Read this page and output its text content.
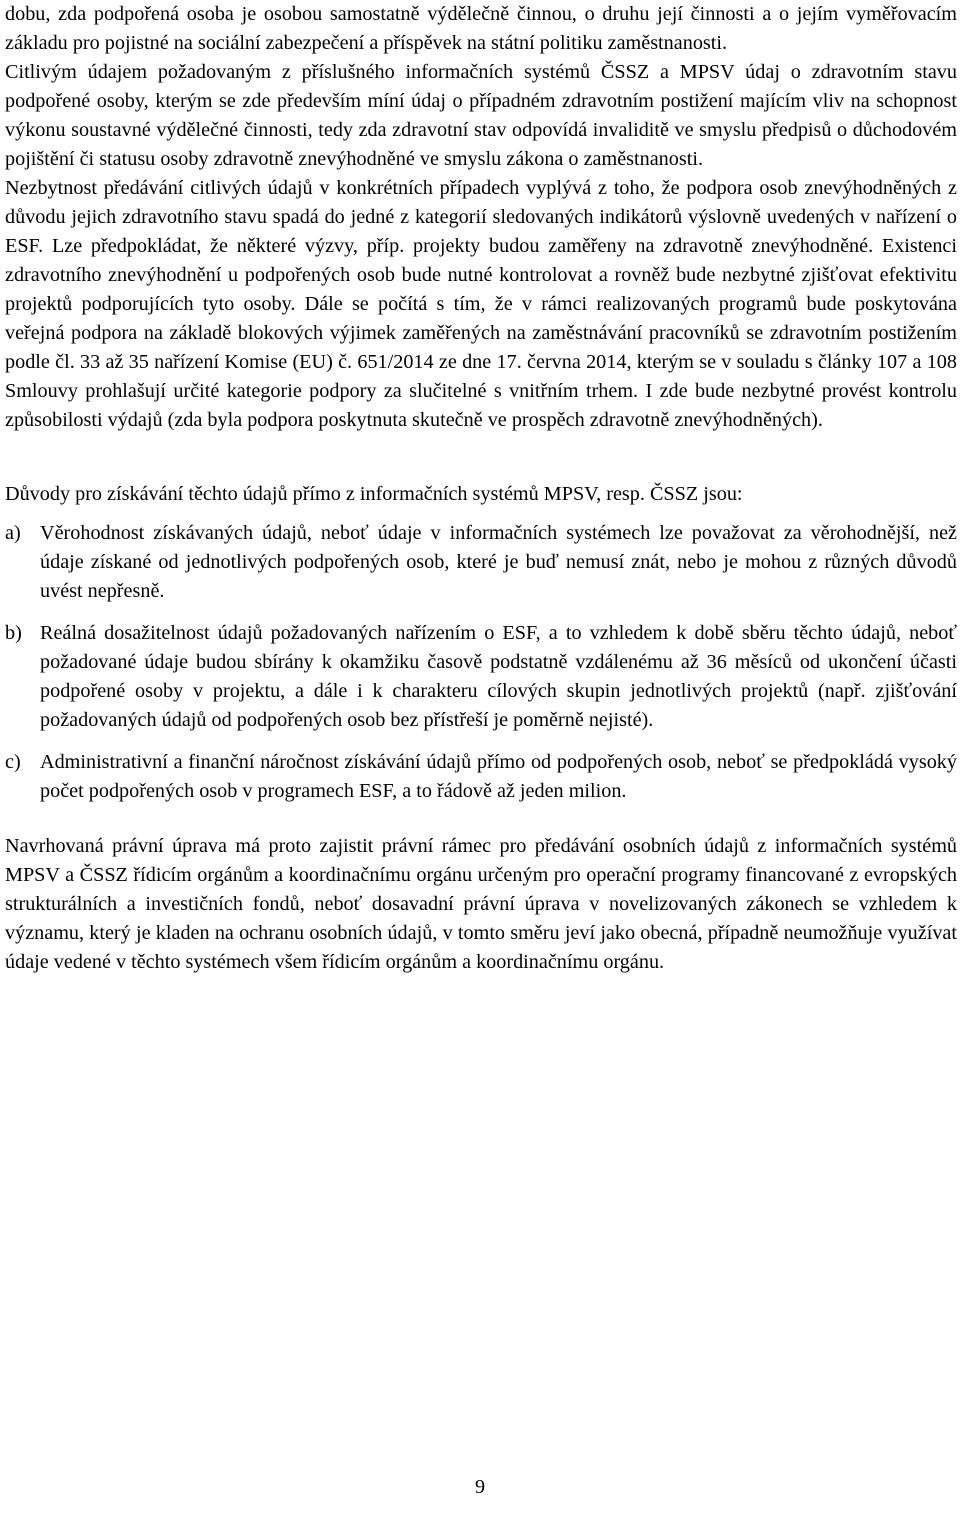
dobu, zda podpořená osoba je osobou samostatně výdělečně činnou, o druhu její činnosti a o jejím vyměřovacím základu pro pojistné na sociální zabezpečení a příspěvek na státní politiku zaměstnanosti.

Citlivým údajem požadovaným z příslušného informačních systémů ČSSZ a MPSV údaj o zdravotním stavu podpořené osoby, kterým se zde především míní údaj o případném zdravotním postižení majícím vliv na schopnost výkonu soustavné výdělečné činnosti, tedy zda zdravotní stav odpovídá invaliditě ve smyslu předpisů o důchodovém pojištění či statusu osoby zdravotně znevýhodněné ve smyslu zákona o zaměstnanosti.

Nezbytnost předávání citlivých údajů v konkrétních případech vyplývá z toho, že podpora osob znevýhodněných z důvodu jejich zdravotního stavu spadá do jedné z kategorií sledovaných indikátorů výslovně uvedených v nařízení o ESF. Lze předpokládat, že některé výzvy, příp. projekty budou zaměřeny na zdravotně znevýhodněné. Existenci zdravotního znevýhodnění u podpořených osob bude nutné kontrolovat a rovněž bude nezbytné zjišťovat efektivitu projektů podporujících tyto osoby. Dále se počítá s tím, že v rámci realizovaných programů bude poskytována veřejná podpora na základě blokových výjimek zaměřených na zaměstnávání pracovníků se zdravotním postižením podle čl. 33 až 35 nařízení Komise (EU) č. 651/2014 ze dne 17. června 2014, kterým se v souladu s články 107 a 108 Smlouvy prohlašují určité kategorie podpory za slučitelné s vnitřním trhem. I zde bude nezbytné provést kontrolu způsobilosti výdajů (zda byla podpora poskytnuta skutečně ve prospěch zdravotně znevýhodněných).

Důvody pro získávání těchto údajů přímo z informačních systémů MPSV, resp. ČSSZ jsou:

a) Věrohodnost získávaných údajů, neboť údaje v informačních systémech lze považovat za věrohodnější, než údaje získané od jednotlivých podpořených osob, které je buď nemusí znát, nebo je mohou z různých důvodů uvést nepřesně.

b) Reálná dosažitelnost údajů požadovaných nařízením o ESF, a to vzhledem k době sběru těchto údajů, neboť požadované údaje budou sbírány k okamžiku časově podstatně vzdálenému až 36 měsíců od ukončení účasti podpořené osoby v projektu, a dále i k charakteru cílových skupin jednotlivých projektů (např. zjišťování požadovaných údajů od podpořených osob bez přístřeší je poměrně nejisté).

c) Administrativní a finanční náročnost získávání údajů přímo od podpořených osob, neboť se předpokládá vysoký počet podpořených osob v programech ESF, a to řádově až jeden milion.

Navrhovaná právní úprava má proto zajistit právní rámec pro předávání osobních údajů z informačních systémů MPSV a ČSSZ řídicím orgánům a koordinačnímu orgánu určeným pro operační programy financované z evropských strukturálních a investičních fondů, neboť dosavadní právní úprava v novelizovaných zákonech se vzhledem k významu, který je kladen na ochranu osobních údajů, v tomto směru jeví jako obecná, případně neumožňuje využívat údaje vedené v těchto systémech všem řídicím orgánům a koordinačnímu orgánu.

9
